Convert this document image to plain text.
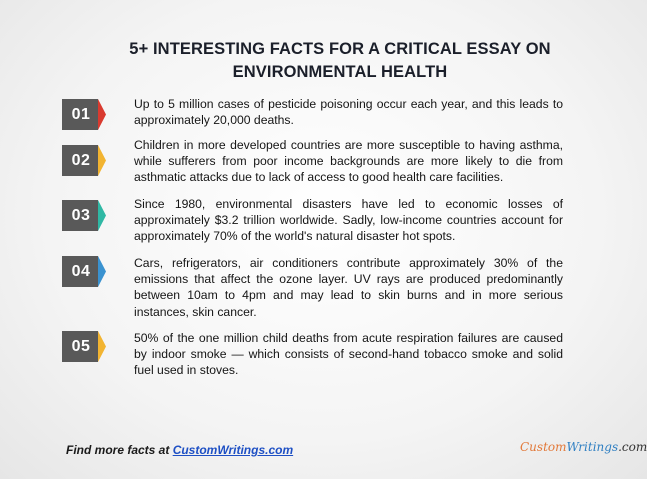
5+ INTERESTING FACTS FOR A CRITICAL ESSAY ON
ENVIRONMENTAL HEALTH
01
Up to 5 million cases of pesticide poisoning occur each year, and this leads to approximately 20,000 deaths.
02
Children in more developed countries are more susceptible to having asthma, while sufferers from poor income backgrounds are more likely to die from asthmatic attacks due to lack of access to good health care facilities.
03
Since 1980, environmental disasters have led to economic losses of approximately $3.2 trillion worldwide. Sadly, low-income countries account for approximately 70% of the world's natural disaster hot spots.
04	Cars, refrigerators, air conditioners contribute approximately 30% of the emissions that affect the ozone layer. UV rays are produced predominantly between 10am to 4pm and may lead to skin burns and in more serious instances, skin cancer.
05	50% of the one million child deaths from acute respiration failures are caused by indoor smoke — which consists of second-hand tobacco smoke and solid fuel used in stoves.
Find more facts at CustomWritings.com	CustomWritings.com
